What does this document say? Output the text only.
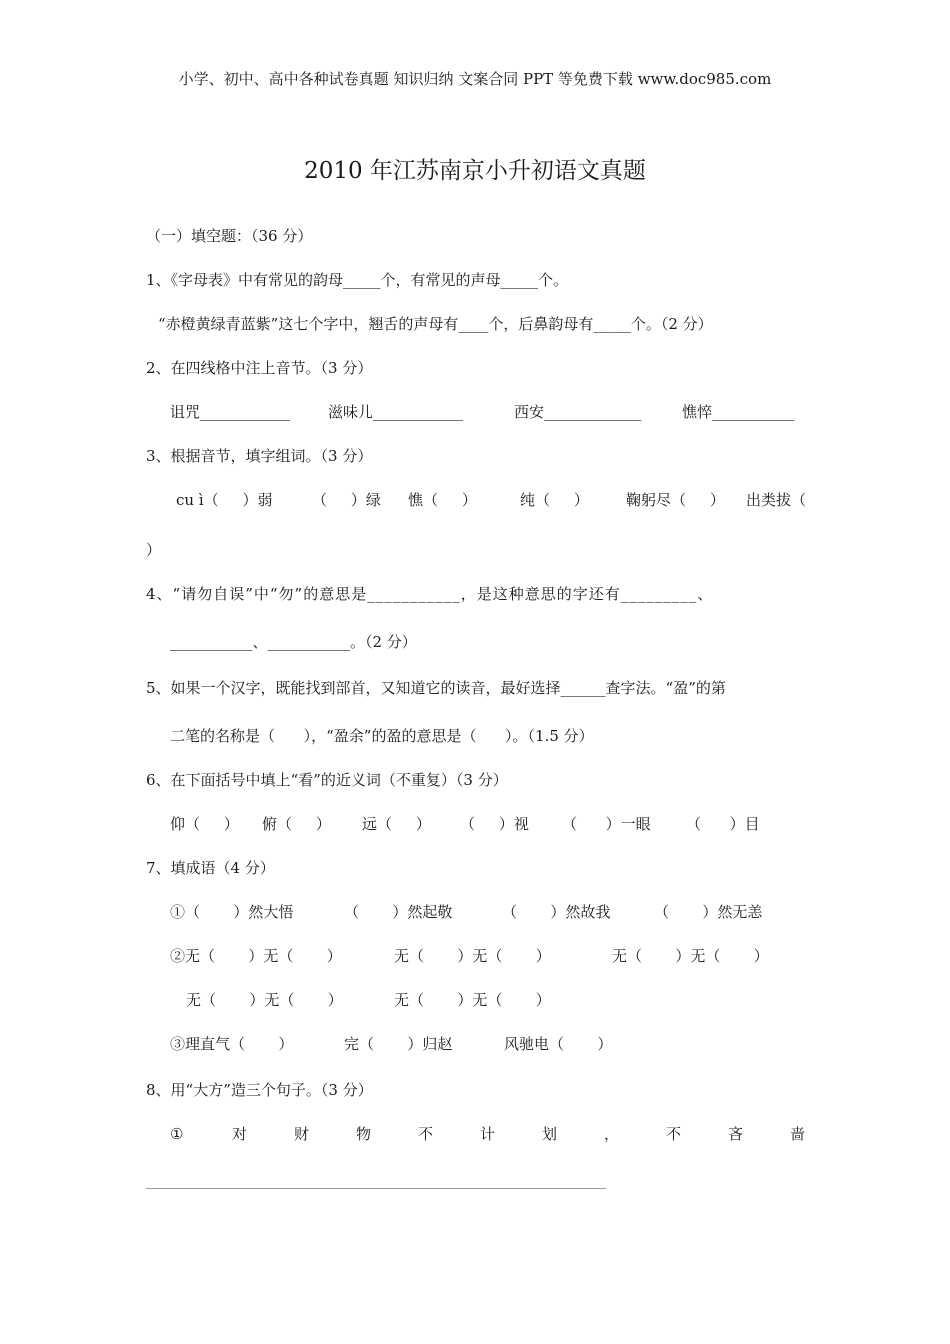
小学、初中、高中各种试卷真题 知识归纳 文案合同 PPT 等免费下载 www.doc985.com
2010 年江苏南京小升初语文真题
（一）填空题：（36 分）
1、《字母表》中有常见的韵母_____个，有常见的声母_____个。
“赤橙黄绿青蓝紫”这七个字中，翘舌的声母有____个，后鼻韵母有_____个。（2 分）
2、在四线格中注上音节。（3 分）
诅咒____________	滋味儿____________	西安_____________	憔悴___________
3、根据音节，填字组词。（3 分）
cu ì（     ）弱	（     ）绿 憔（     ）	纯（     ） 鞠躬尽（     ） 出类拔（
）
4、“请勿自误”中“勿”的意思是___________，是这种意思的字还有_________、
___________、___________。（2 分）
5、如果一个汉字，既能找到部首，又知道它的读音，最好选择______查字法。“盈”的第
二笔的名称是（      ），“盈余”的盈的意思是（      ）。（1.5 分）
6、在下面括号中填上“看”的近义词（不重复）（3 分）
仰（     ） 俯（     ） 远（     ） （     ）视 （      ）一眼 （      ）目
7、填成语（4 分）
①（       ）然大悟	（       ）然起敬	（       ）然故我	（       ）然无恙
②无（       ）无（       ）	无（       ）无（       ）	无（       ）无（       ）
无（       ）无（       ）	无（       ）无（       ）
③理直气（       ）	完（       ）归赵	风驰电（       ）
8、用“大方”造三个句子。（3 分）
①	对	财	物	不	计	划	，	不	吝	啬
